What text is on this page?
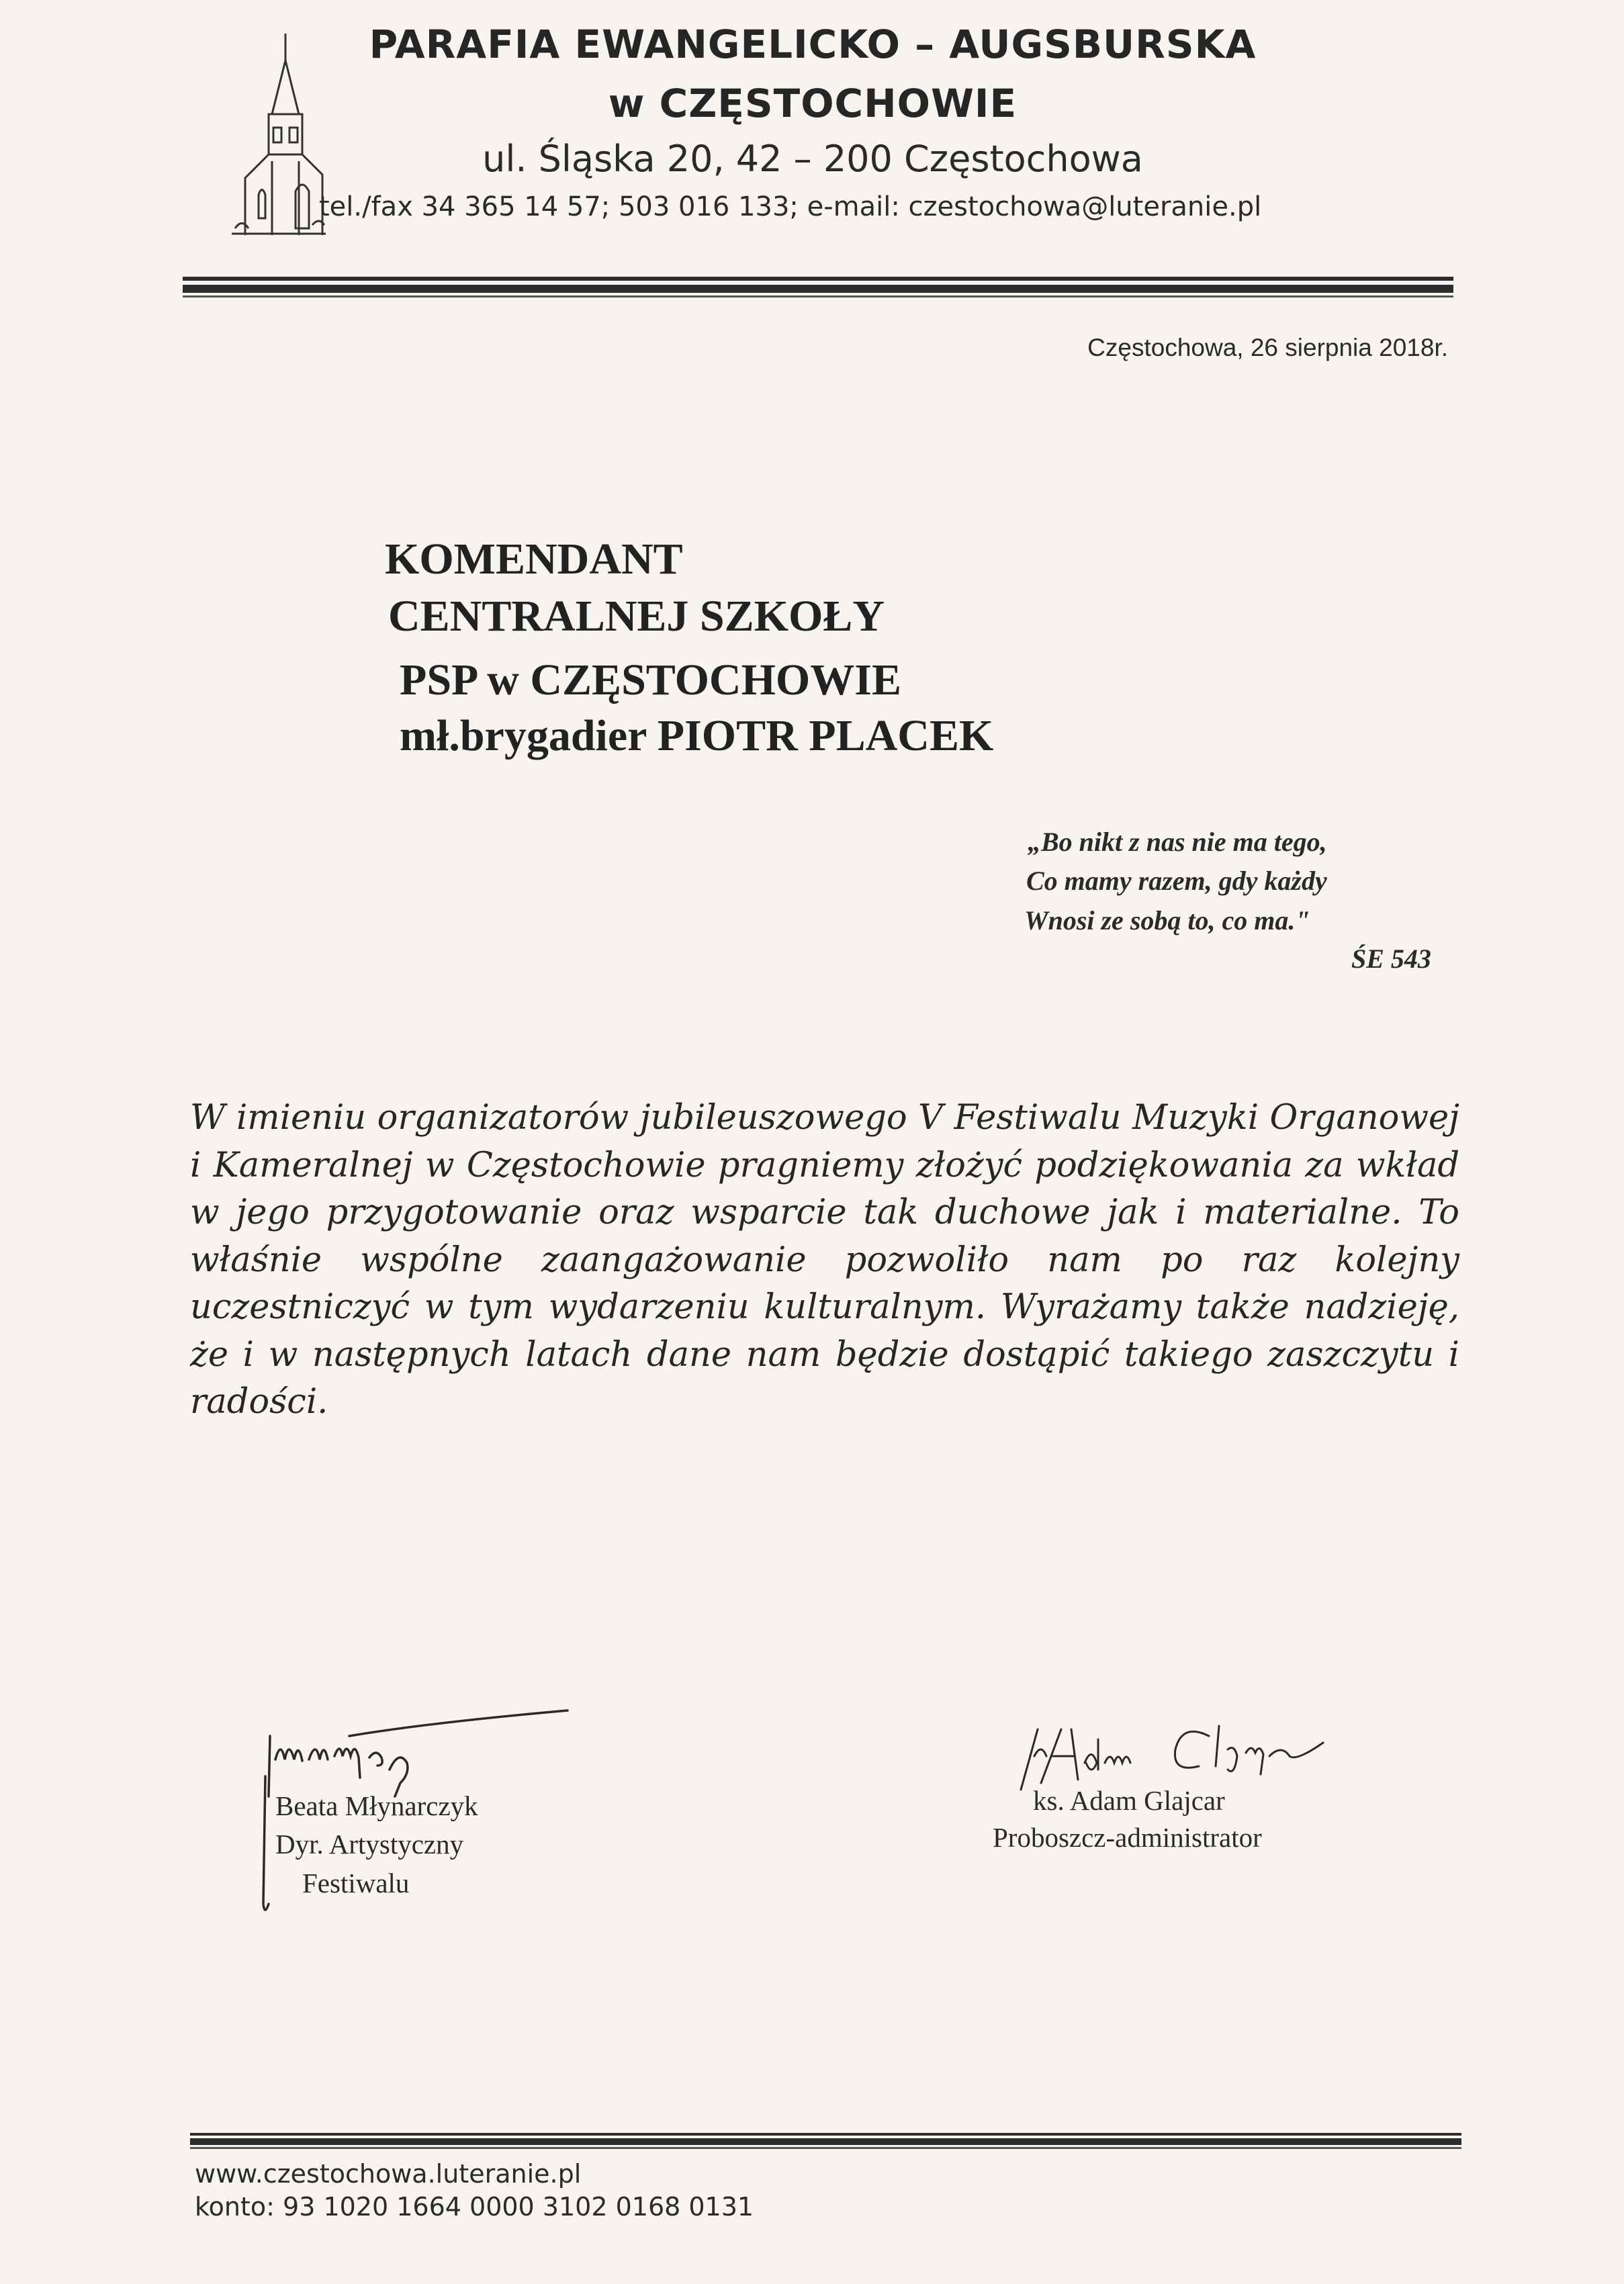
PARAFIA EWANGELICKO – AUGSBURSKA
w CZĘSTOCHOWIE
ul. Śląska 20, 42 – 200 Częstochowa
tel./fax 34 365 14 57; 503 016 133; e-mail: czestochowa@luteranie.pl
Częstochowa, 26 sierpnia 2018r.
KOMENDANT
CENTRALNEJ SZKOŁY
PSP w CZĘSTOCHOWIE
mł.brygadier PIOTR PLACEK
„Bo nikt z nas nie ma tego,
Co mamy razem, gdy każdy
Wnosi ze sobą to, co ma."
ŚE 543
W imieniu organizatorów jubileuszowego V Festiwalu Muzyki Organowej i Kameralnej w Częstochowie pragniemy złożyć podziękowania za wkład w jego przygotowanie oraz wsparcie tak duchowe jak i materialne. To właśnie wspólne zaangażowanie pozwoliło nam po raz kolejny uczestniczyć w tym wydarzeniu kulturalnym. Wyrażamy także nadzieję, że i w następnych latach dane nam będzie dostąpić takiego zaszczytu i radości.
Beata Młynarczyk
Dyr. Artystyczny
Festiwalu
ks. Adam Glajcar
Proboszcz-administrator
www.czestochowa.luteranie.pl
konto: 93 1020 1664 0000 3102 0168 0131
